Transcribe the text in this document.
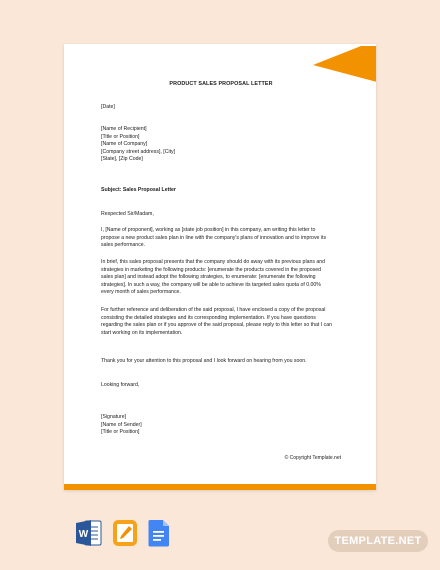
PRODUCT SALES PROPOSAL LETTER
[Date]
[Name of Recipient]
[Title or Position]
[Name of Company]
[Company street address], [City]
[State], [Zip Code]
Subject: Sales Proposal Letter
Respected Sir/Madam,
I, [Name of proponent], working as [state job position] in this company, am writing this letter to
propose a new product sales plan in line with the company's plans of innovation and to improve its
sales performance.
In brief, this sales proposal presents that the company should do away with its previous plans and
strategies in marketing the following products: [enumerate the products covered in the proposed
sales plan] and instead adopt the following strategies, to enumerate: [enumerate the following
strategies]. In such a way, the company will be able to achieve its targeted sales quota of 0.00%
every month of sales performance.
For further reference and deliberation of the said proposal, I have enclosed a copy of the proposal
consisting the detailed strategies and its corresponding implementation. If you have questions
regarding the sales plan or if you approve of the said proposal, please reply to this letter so that I can
start working on its implementation.
Thank you for your attention to this proposal and I look forward on hearing from you soon.
Looking forward,
[Signature]
[Name of Sender]
[Title or Position]
© Copyright Template.net
W
TEMPLATE.NET
